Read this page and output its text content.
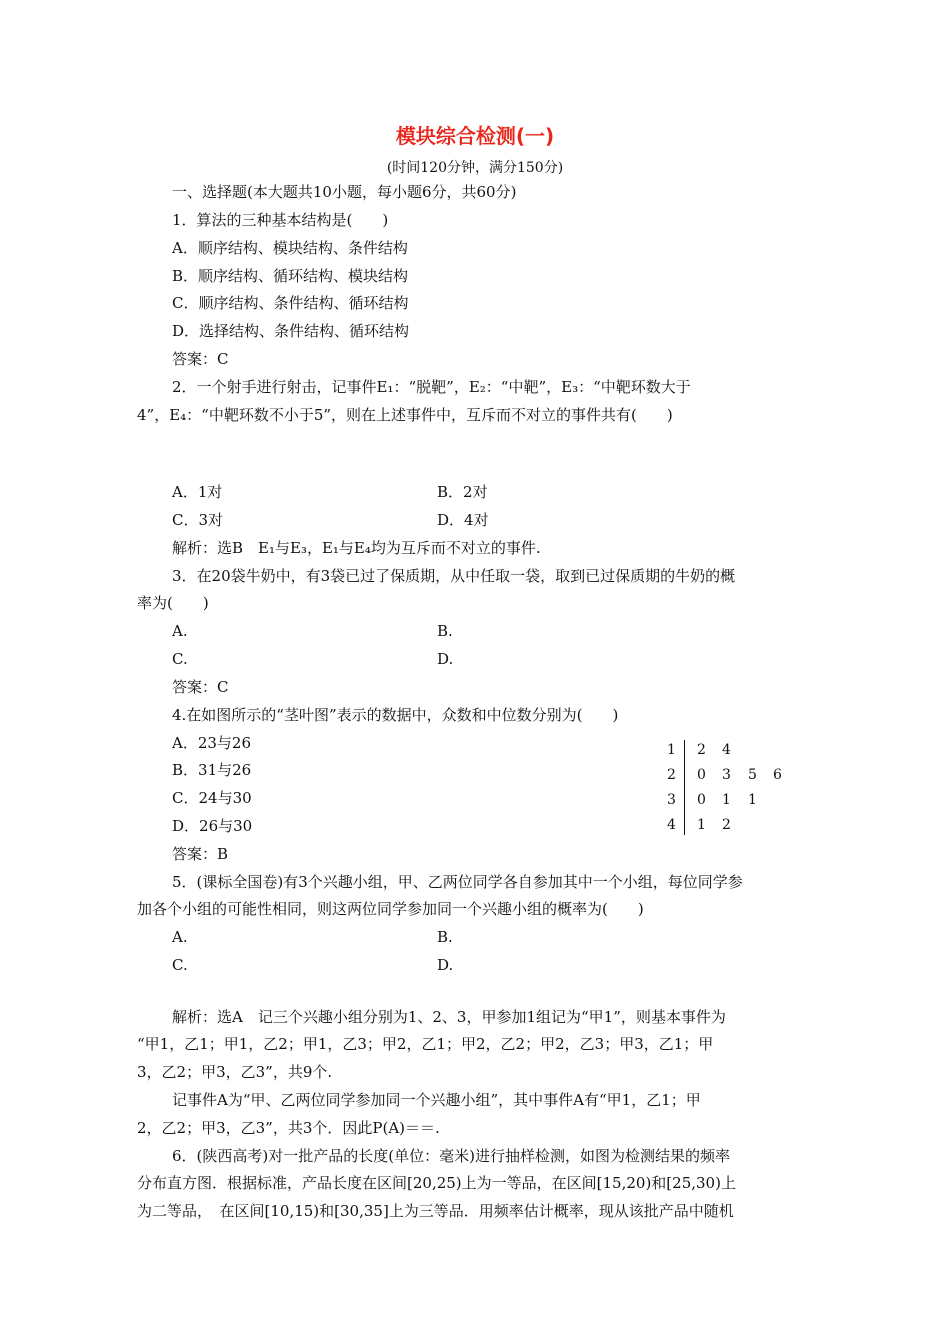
模块综合检测(一)
(时间120分钟，满分150分)
一、选择题(本大题共10小题，每小题6分，共60分)
1．算法的三种基本结构是(　　)
A．顺序结构、模块结构、条件结构
B．顺序结构、循环结构、模块结构
C．顺序结构、条件结构、循环结构
D．选择结构、条件结构、循环结构
答案：C
2．一个射手进行射击，记事件E₁：“脱靶”，E₂：“中靶”，E₃：“中靶环数大于
4”，E₄：“中靶环数不小于5”，则在上述事件中，互斥而不对立的事件共有(　　)
A．1对	B．2对
C．3对	D．4对
解析：选B　E₁与E₃，E₁与E₄均为互斥而不对立的事件.
3．在20袋牛奶中，有3袋已过了保质期，从中任取一袋，取到已过保质期的牛奶的概
率为(　　)
A.	B.
C.	D.
答案：C
4.在如图所示的“茎叶图”表示的数据中，众数和中位数分别为(　　)
A．23与26
B．31与26
C．24与30
D．26与30
答案：B
1 2 4
2 0 3 5 6
3 0 1 1
4 1 2
5．(课标全国卷)有3个兴趣小组，甲、乙两位同学各自参加其中一个小组，每位同学参
加各个小组的可能性相同，则这两位同学参加同一个兴趣小组的概率为(　　)
A.	B.
C.	D.
解析：选A　记三个兴趣小组分别为1、2、3，甲参加1组记为“甲1”，则基本事件为
“甲1，乙1；甲1，乙2；甲1，乙3；甲2，乙1；甲2，乙2；甲2，乙3；甲3，乙1；甲
3，乙2；甲3，乙3”，共9个.
记事件A为“甲、乙两位同学参加同一个兴趣小组”，其中事件A有“甲1，乙1；甲
2，乙2；甲3，乙3”，共3个．因此P(A)＝＝.
6．(陕西高考)对一批产品的长度(单位：毫米)进行抽样检测，如图为检测结果的频率
分布直方图．根据标准，产品长度在区间[20,25)上为一等品，在区间[15,20)和[25,30)上
为二等品，　在区间[10,15)和[30,35]上为三等品．用频率估计概率，现从该批产品中随机
